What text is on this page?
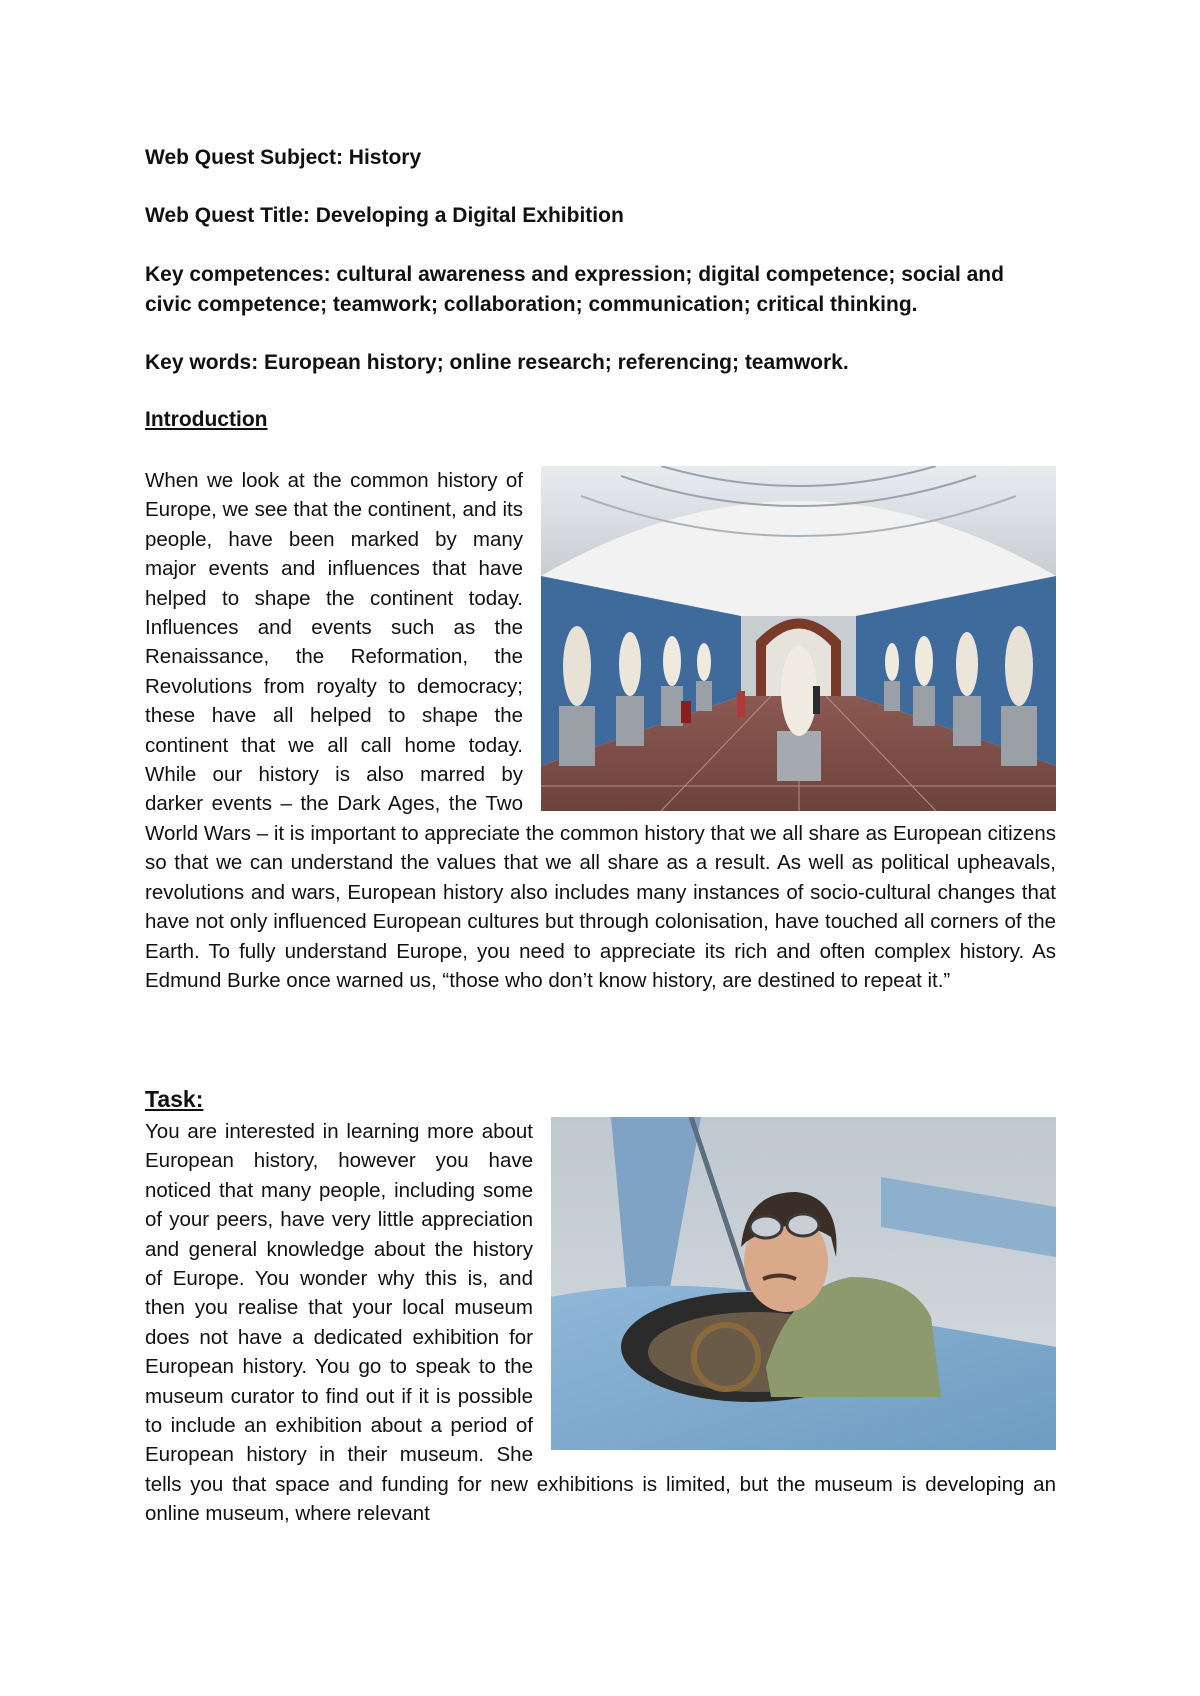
Web Quest Subject: History

Web Quest Title: Developing a Digital Exhibition

Key competences: cultural awareness and expression; digital competence; social and civic competence; teamwork; collaboration; communication; critical thinking.

Key words: European history; online research; referencing; teamwork.

Introduction

When we look at the common history of Europe, we see that the continent, and its people, have been marked by many major events and influences that have helped to shape the continent today. Influences and events such as the Renaissance, the Reformation, the Revolutions from royalty to democracy; these have all helped to shape the continent that we all call home today. While our history is also marred by darker events – the Dark Ages, the Two World Wars – it is important to appreciate the common history that we all share as European citizens so that we can understand the values that we all share as a result. As well as political upheavals, revolutions and wars, European history also includes many instances of socio-cultural changes that have not only influenced European cultures but through colonisation, have touched all corners of the Earth. To fully understand Europe, you need to appreciate its rich and often complex history. As Edmund Burke once warned us, “those who don’t know history, are destined to repeat it.”

Task:

You are interested in learning more about European history, however you have noticed that many people, including some of your peers, have very little appreciation and general knowledge about the history of Europe. You wonder why this is, and then you realise that your local museum does not have a dedicated exhibition for European history. You go to speak to the museum curator to find out if it is possible to include an exhibition about a period of European history in their museum. She tells you that space and funding for new exhibitions is limited, but the museum is developing an online museum, where relevant
